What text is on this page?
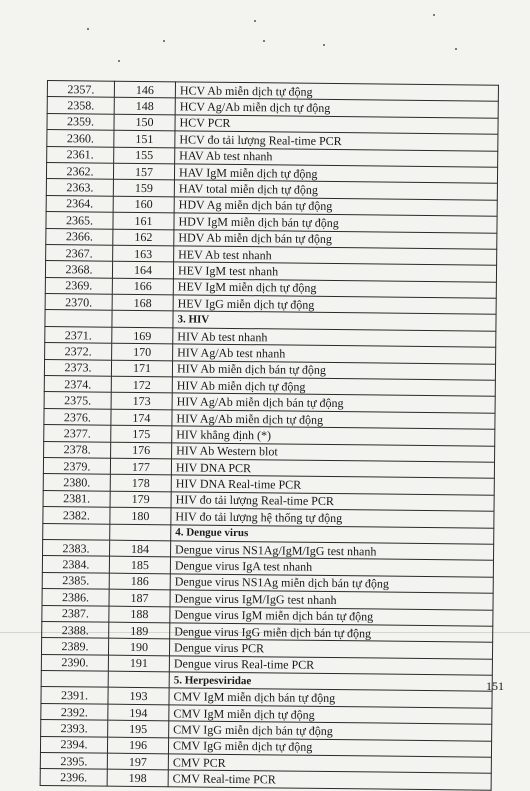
2357.	146	HCV Ab miễn dịch tự động
2358.	148	HCV Ag/Ab miễn dịch tự động
2359.	150	HCV PCR
2360.	151	HCV đo tải lượng Real-time PCR
2361.	155	HAV Ab test nhanh
2362.	157	HAV IgM miễn dịch tự động
2363.	159	HAV total miễn dịch tự động
2364.	160	HDV Ag miễn dịch bán tự động
2365.	161	HDV IgM miễn dịch bán tự động
2366.	162	HDV Ab miễn dịch bán tự động
2367.	163	HEV Ab test nhanh
2368.	164	HEV IgM test nhanh
2369.	166	HEV IgM miễn dịch tự động
2370.	168	HEV IgG miễn dịch tự động
		3. HIV
2371.	169	HIV Ab test nhanh
2372.	170	HIV Ag/Ab test nhanh
2373.	171	HIV Ab miễn dịch bán tự động
2374.	172	HIV Ab miễn dịch tự động
2375.	173	HIV Ag/Ab miễn dịch bán tự động
2376.	174	HIV Ag/Ab miễn dịch tự động
2377.	175	HIV khẳng định (*)
2378.	176	HIV Ab Western blot
2379.	177	HIV DNA PCR
2380.	178	HIV DNA Real-time PCR
2381.	179	HIV đo tải lượng Real-time PCR
2382.	180	HIV đo tải lượng hệ thống tự động
		4. Dengue virus
2383.	184	Dengue virus NS1Ag/IgM/IgG test nhanh
2384.	185	Dengue virus IgA test nhanh
2385.	186	Dengue virus NS1Ag miễn dịch bán tự động
2386.	187	Dengue virus IgM/IgG test nhanh
2387.	188	Dengue virus IgM miễn dịch bán tự động
2388.	189	Dengue virus IgG miễn dịch bán tự động
2389.	190	Dengue virus PCR
2390.	191	Dengue virus Real-time PCR
		5. Herpesviridae
2391.	193	CMV IgM miễn dịch bán tự động
2392.	194	CMV IgM miễn dịch tự động
2393.	195	CMV IgG miễn dịch bán tự động
2394.	196	CMV IgG miễn dịch tự động
2395.	197	CMV PCR
2396.	198	CMV Real-time PCR
151
